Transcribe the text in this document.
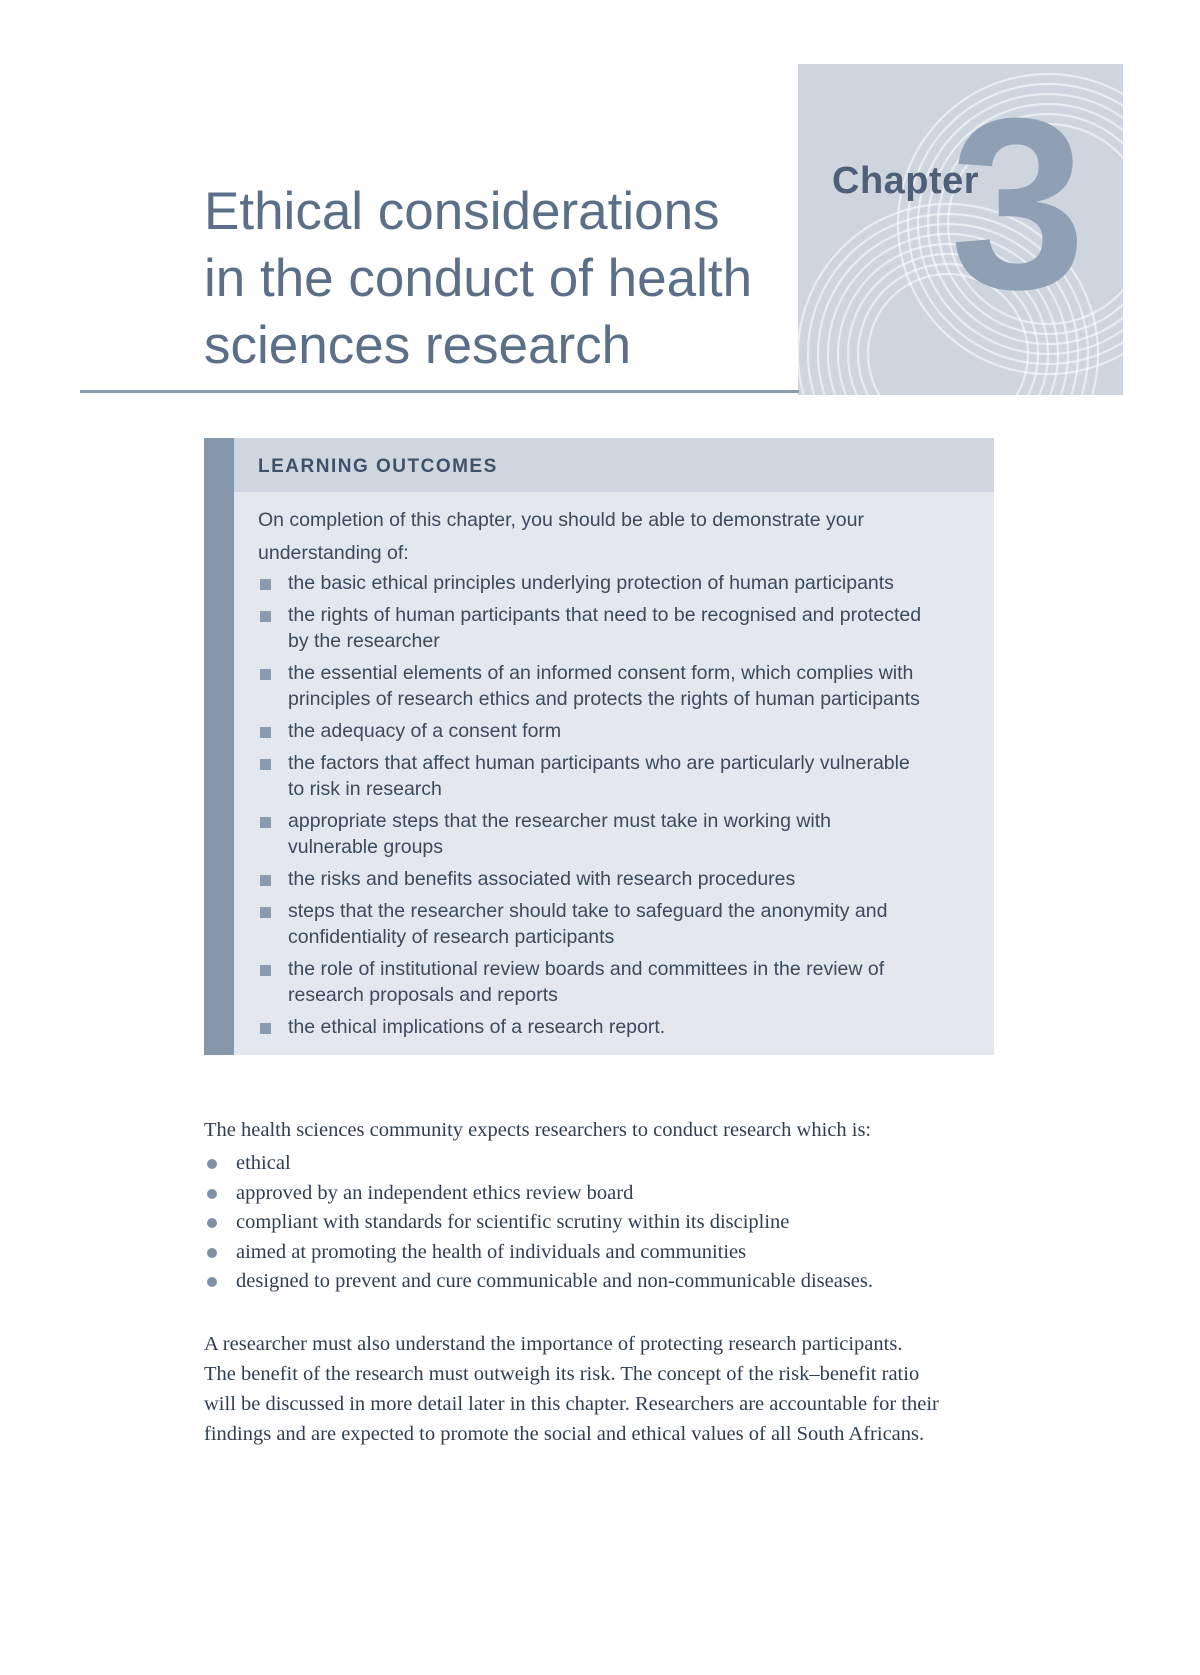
Chapter
3
Ethical considerations
in the conduct of health
sciences research
LEARNING OUTCOMES

On completion of this chapter, you should be able to demonstrate your
understanding of:

the basic ethical principles underlying protection of human participants
the rights of human participants that need to be recognised and protected
by the researcher
the essential elements of an informed consent form, which complies with
principles of research ethics and protects the rights of human participants
the adequacy of a consent form
the factors that affect human participants who are particularly vulnerable
to risk in research
appropriate steps that the researcher must take in working with
vulnerable groups
the risks and benefits associated with research procedures
steps that the researcher should take to safeguard the anonymity and
confidentiality of research participants
the role of institutional review boards and committees in the review of
research proposals and reports
the ethical implications of a research report.

The health sciences community expects researchers to conduct research which is:

ethical
approved by an independent ethics review board
compliant with standards for scientific scrutiny within its discipline
aimed at promoting the health of individuals and communities
designed to prevent and cure communicable and non-communicable diseases.

A researcher must also understand the importance of protecting research participants.
The benefit of the research must outweigh its risk. The concept of the risk–benefit ratio
will be discussed in more detail later in this chapter. Researchers are accountable for their
findings and are expected to promote the social and ethical values of all South Africans.
